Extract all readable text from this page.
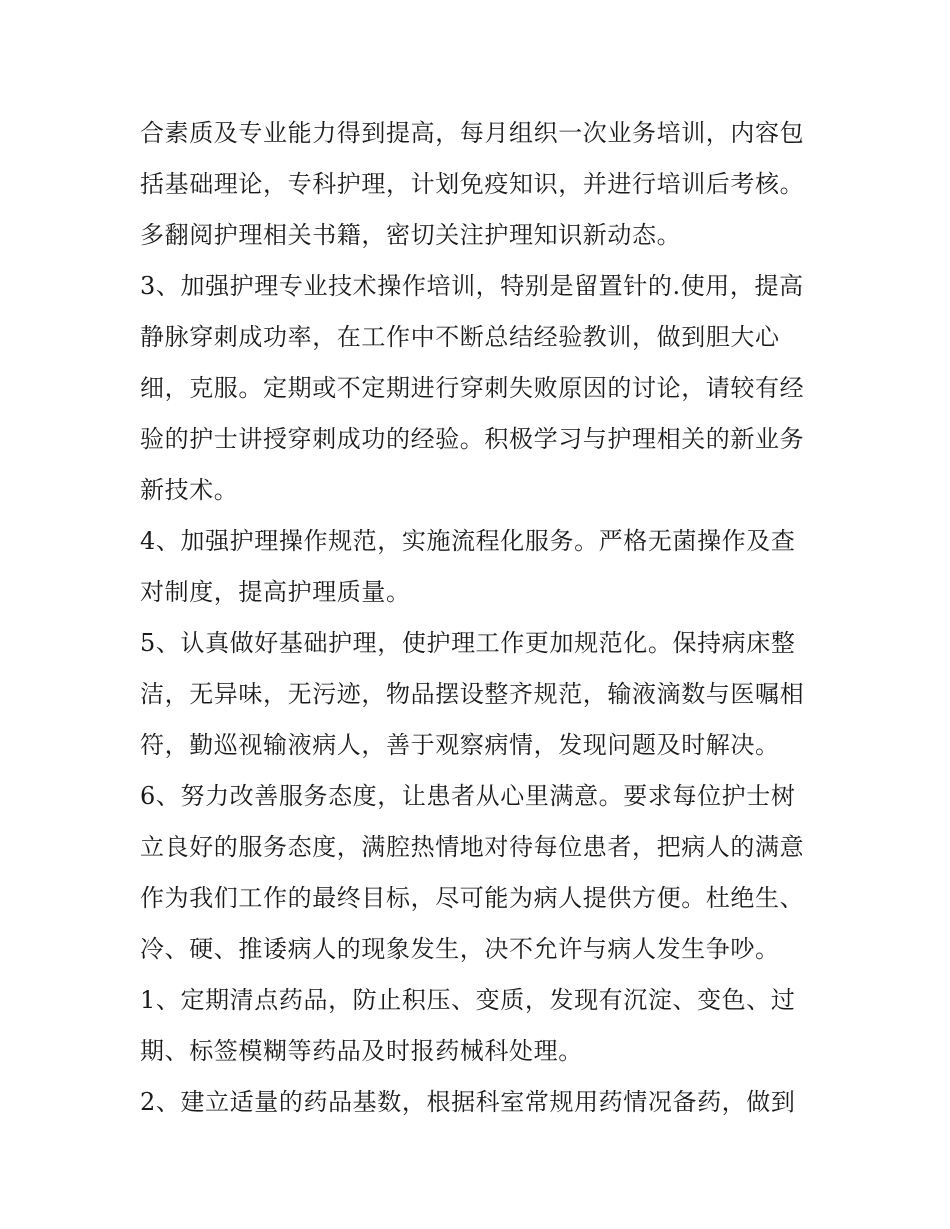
合素质及专业能力得到提高，每月组织一次业务培训，内容包
括基础理论，专科护理，计划免疫知识，并进行培训后考核。
多翻阅护理相关书籍，密切关注护理知识新动态。
3、加强护理专业技术操作培训，特别是留置针的.使用，提高
静脉穿刺成功率，在工作中不断总结经验教训，做到胆大心
细，克服。定期或不定期进行穿刺失败原因的讨论，请较有经
验的护士讲授穿刺成功的经验。积极学习与护理相关的新业务
新技术。
4、加强护理操作规范，实施流程化服务。严格无菌操作及查
对制度，提高护理质量。
5、认真做好基础护理，使护理工作更加规范化。保持病床整
洁，无异味，无污迹，物品摆设整齐规范，输液滴数与医嘱相
符，勤巡视输液病人，善于观察病情，发现问题及时解决。
6、努力改善服务态度，让患者从心里满意。要求每位护士树
立良好的服务态度，满腔热情地对待每位患者，把病人的满意
作为我们工作的最终目标，尽可能为病人提供方便。杜绝生、
冷、硬、推诿病人的现象发生，决不允许与病人发生争吵。
1、定期清点药品，防止积压、变质，发现有沉淀、变色、过
期、标签模糊等药品及时报药械科处理。
2、建立适量的药品基数，根据科室常规用药情况备药，做到
